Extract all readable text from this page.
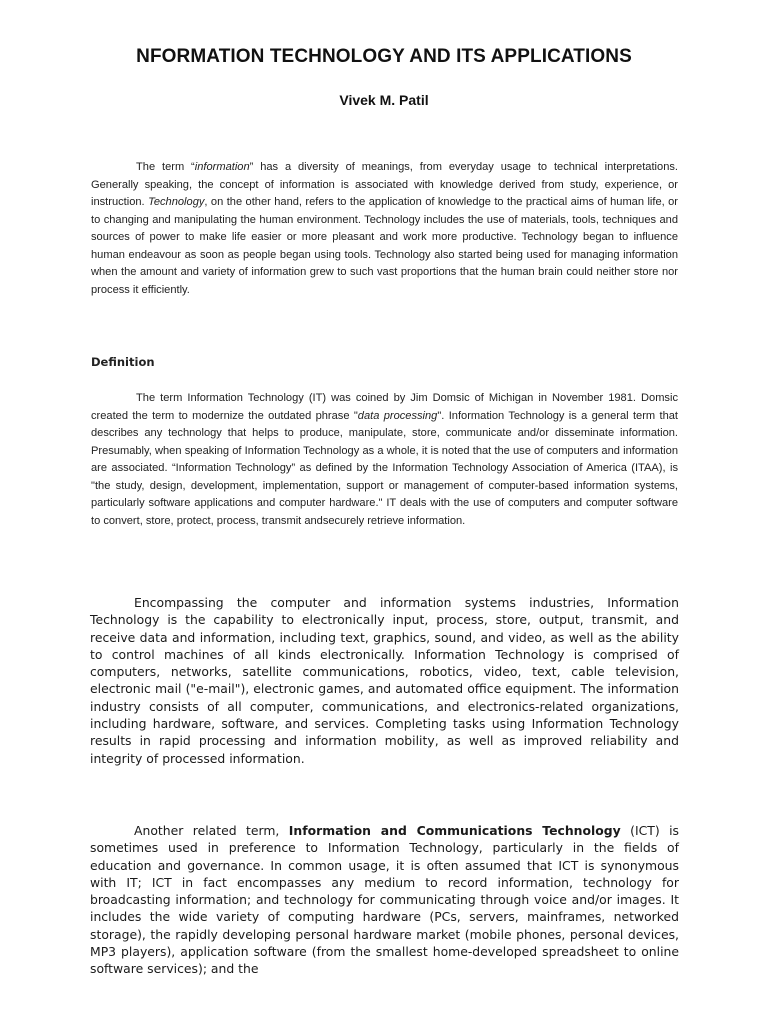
NFORMATION TECHNOLOGY AND ITS APPLICATIONS
Vivek M. Patil

The term “information” has a diversity of meanings, from everyday usage to technical interpretations. Generally speaking, the concept of information is associated with knowledge derived from study, experience, or instruction. Technology, on the other hand, refers to the application of knowledge to the practical aims of human life, or to changing and manipulating the human environment. Technology includes the use of materials, tools, techniques and sources of power to make life easier or more pleasant and work more productive. Technology began to influence human endeavour as soon as people began using tools. Technology also started being used for managing information when the amount and variety of information grew to such vast proportions that the human brain could neither store nor process it efficiently.

Definition

The term Information Technology (IT) was coined by Jim Domsic of Michigan in November 1981. Domsic created the term to modernize the outdated phrase "data processing". Information Technology is a general term that describes any technology that helps to produce, manipulate, store, communicate and/or disseminate information. Presumably, when speaking of Information Technology as a whole, it is noted that the use of computers and information are associated. “Information Technology” as defined by the Information Technology Association of America (ITAA), is "the study, design, development, implementation, support or management of computer-based information systems, particularly software applications and computer hardware." IT deals with the use of computers and computer software to convert, store, protect, process, transmit andsecurely retrieve information.

Encompassing the computer and information systems industries, Information Technology is the capability to electronically input, process, store, output, transmit, and receive data and information, including text, graphics, sound, and video, as well as the ability to control machines of all kinds electronically. Information Technology is comprised of computers, networks, satellite communications, robotics, video, text, cable television, electronic mail ("e-mail"), electronic games, and automated office equipment. The information industry consists of all computer, communications, and electronics-related organizations, including hardware, software, and services. Completing tasks using Information Technology results in rapid processing and information mobility, as well as improved reliability and integrity of processed information.

Another related term, Information and Communications Technology (ICT) is sometimes used in preference to Information Technology, particularly in the fields of education and governance. In common usage, it is often assumed that ICT is synonymous with IT; ICT in fact encompasses any medium to record information, technology for broadcasting information; and technology for communicating through voice and/or images. It includes the wide variety of computing hardware (PCs, servers, mainframes, networked storage), the rapidly developing personal hardware market (mobile phones, personal devices, MP3 players), application software (from the smallest home-developed spreadsheet to online software services); and the
